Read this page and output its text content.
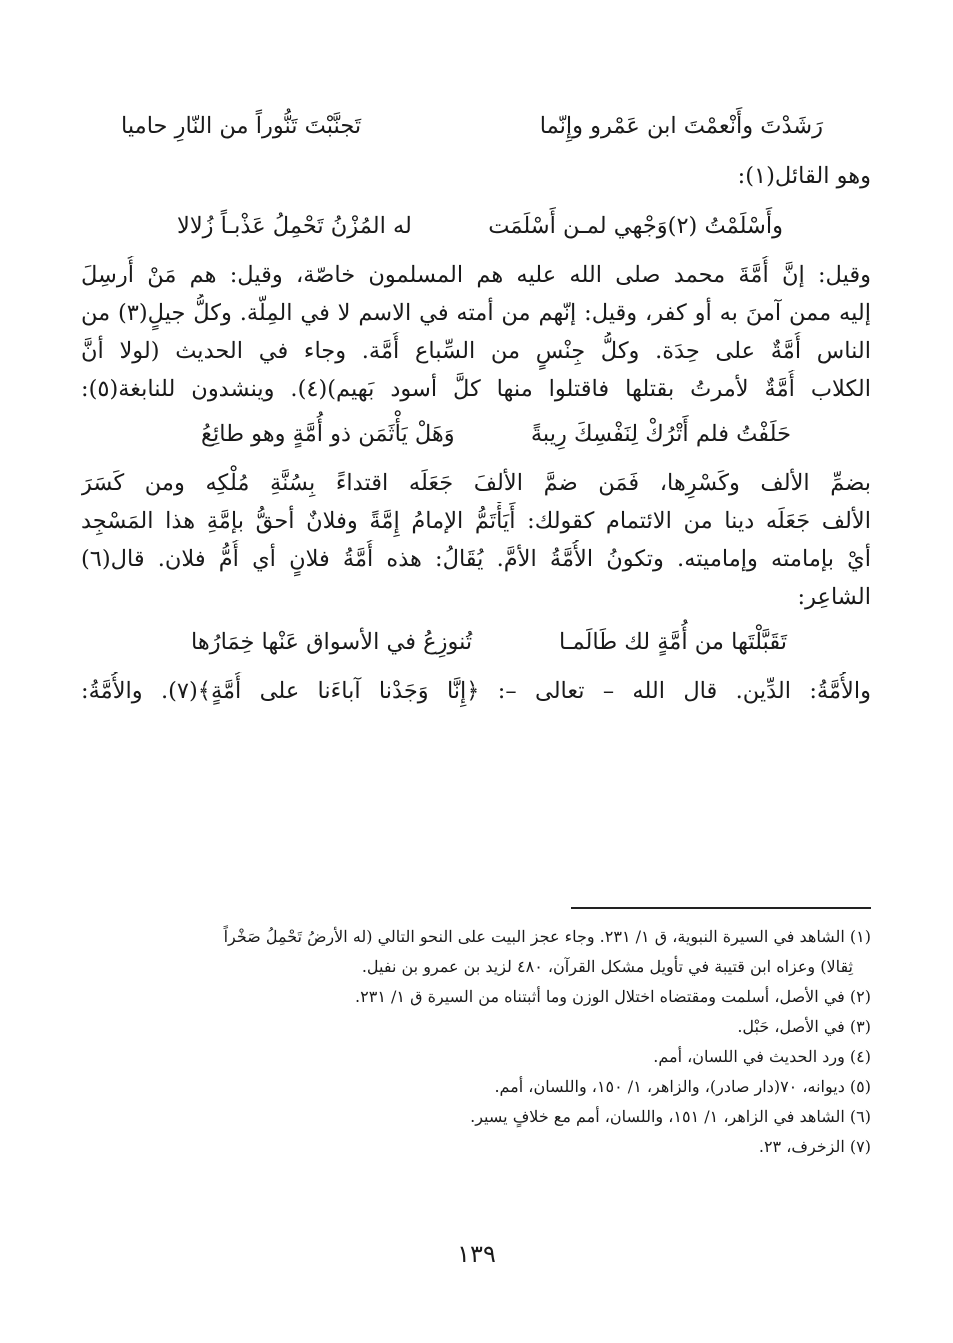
رَشَدْتَ وأَنْعمْتَ ابن عَمْرو وإِنّما
تَجنَّبْتَ تَنُّوراً من النّارِ حاميا
وهو القائل(١):
وأَسْلَمْتُ (٢)وَجْهي لمـن أَسْلَمَت
له المُزْنُ تَحْمِلُ عَذْبـاً زُلالا
وقيل: إنَّ أُمَّةَ محمد صلى الله عليه هم المسلمون خاصّة، وقيل: هم مَنْ أُرسِلَ
إليه ممن آمنَ به أو كفر، وقيل: إنّهم من أمته في الاسم لا في المِلّة. وكلُّ جيلٍ(٣) من
الناس أُمَّةٌ على حِدَة. وكلُّ جِنْسٍ من السِّباع أُمَّة. وجاء في الحديث (لولا أنَّ
الكلاب أُمَّةٌ لأمرتُ بقتلها فاقتلوا منها كلَّ أسود بَهيم)(٤). وينشدون للنابغة(٥):
حَلَفْتُ فلم أَتْرُكْ لِنَفْسِكَ رِيبةً
وَهَلْ يَأْثَمَن ذو أُمَّةٍ وهو طائِعُ
بضمِّ الألف وكَسْرِها، فَمَن ضمَّ الألفَ جَعَلَه اقتداءً بِسُنَّةِ مُلْكِه ومن كَسَرَ
الألف جَعَلَه دينا من الائتمام كقولك: أَيَأْتَمُّ الإمامُ إِمَّةً وفلانٌ أحقُّ بإمَّةِ هذا المَسْجِد
أيْ بإمامته وإماميته. وتكونُ الأُمَّةُ الأمَّ. يُقَالُ: هذه أُمَّةُ فلانٍ أي أُمُّ فلان. قال(٦)
الشاعِر:
تَقَبَّلْتَها من أُمَّةٍ لك طَالَمـا
تُنوزِعُ في الأسواق عَنْها خِمَارُها
والأُمَّةُ: الدِّين. قال الله – تعالى –: ﴿إِنَّا وَجَدْنا آباءَنا على أُمَّةٍ﴾(٧). والأُمَّةُ:
(١) الشاهد في السيرة النبوية، ق ١/ ٢٣١. وجاء عجز البيت على النحو التالي (له الأرضُ تَحْمِلُ صَخْراً
ثِقالا) وعزاه ابن قتيبة في تأويل مشكل القرآن، ٤٨٠ لزيد بن عمرو بن نفيل.
(٢) في الأصل، أسلمت ومقتضاه اختلال الوزن وما أثبتناه من السيرة ق ١/ ٢٣١.
(٣) في الأصل، حَبْل.
(٤) ورد الحديث في اللسان، أمم.
(٥) ديوانه، ٧٠(دار صادر)، والزاهر، ١/ ١٥٠، واللسان، أمم.
(٦) الشاهد في الزاهر، ١/ ١٥١، واللسان، أمم مع خلافٍ يسير.
(٧) الزخرف، ٢٣.
١٣٩
